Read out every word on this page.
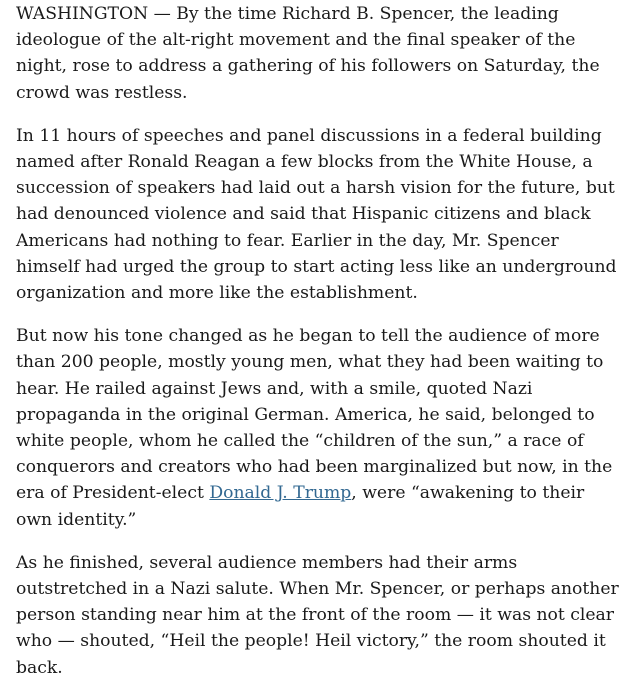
WASHINGTON — By the time Richard B. Spencer, the leading ideologue of the alt-right movement and the final speaker of the night, rose to address a gathering of his followers on Saturday, the crowd was restless.

In 11 hours of speeches and panel discussions in a federal building named after Ronald Reagan a few blocks from the White House, a succession of speakers had laid out a harsh vision for the future, but had denounced violence and said that Hispanic citizens and black Americans had nothing to fear. Earlier in the day, Mr. Spencer himself had urged the group to start acting less like an underground organization and more like the establishment.

But now his tone changed as he began to tell the audience of more than 200 people, mostly young men, what they had been waiting to hear. He railed against Jews and, with a smile, quoted Nazi propaganda in the original German. America, he said, belonged to white people, whom he called the “children of the sun,” a race of conquerors and creators who had been marginalized but now, in the era of President-elect Donald J. Trump, were “awakening to their own identity.”

As he finished, several audience members had their arms outstretched in a Nazi salute. When Mr. Spencer, or perhaps another person standing near him at the front of the room — it was not clear who — shouted, “Heil the people! Heil victory,” the room shouted it back.
